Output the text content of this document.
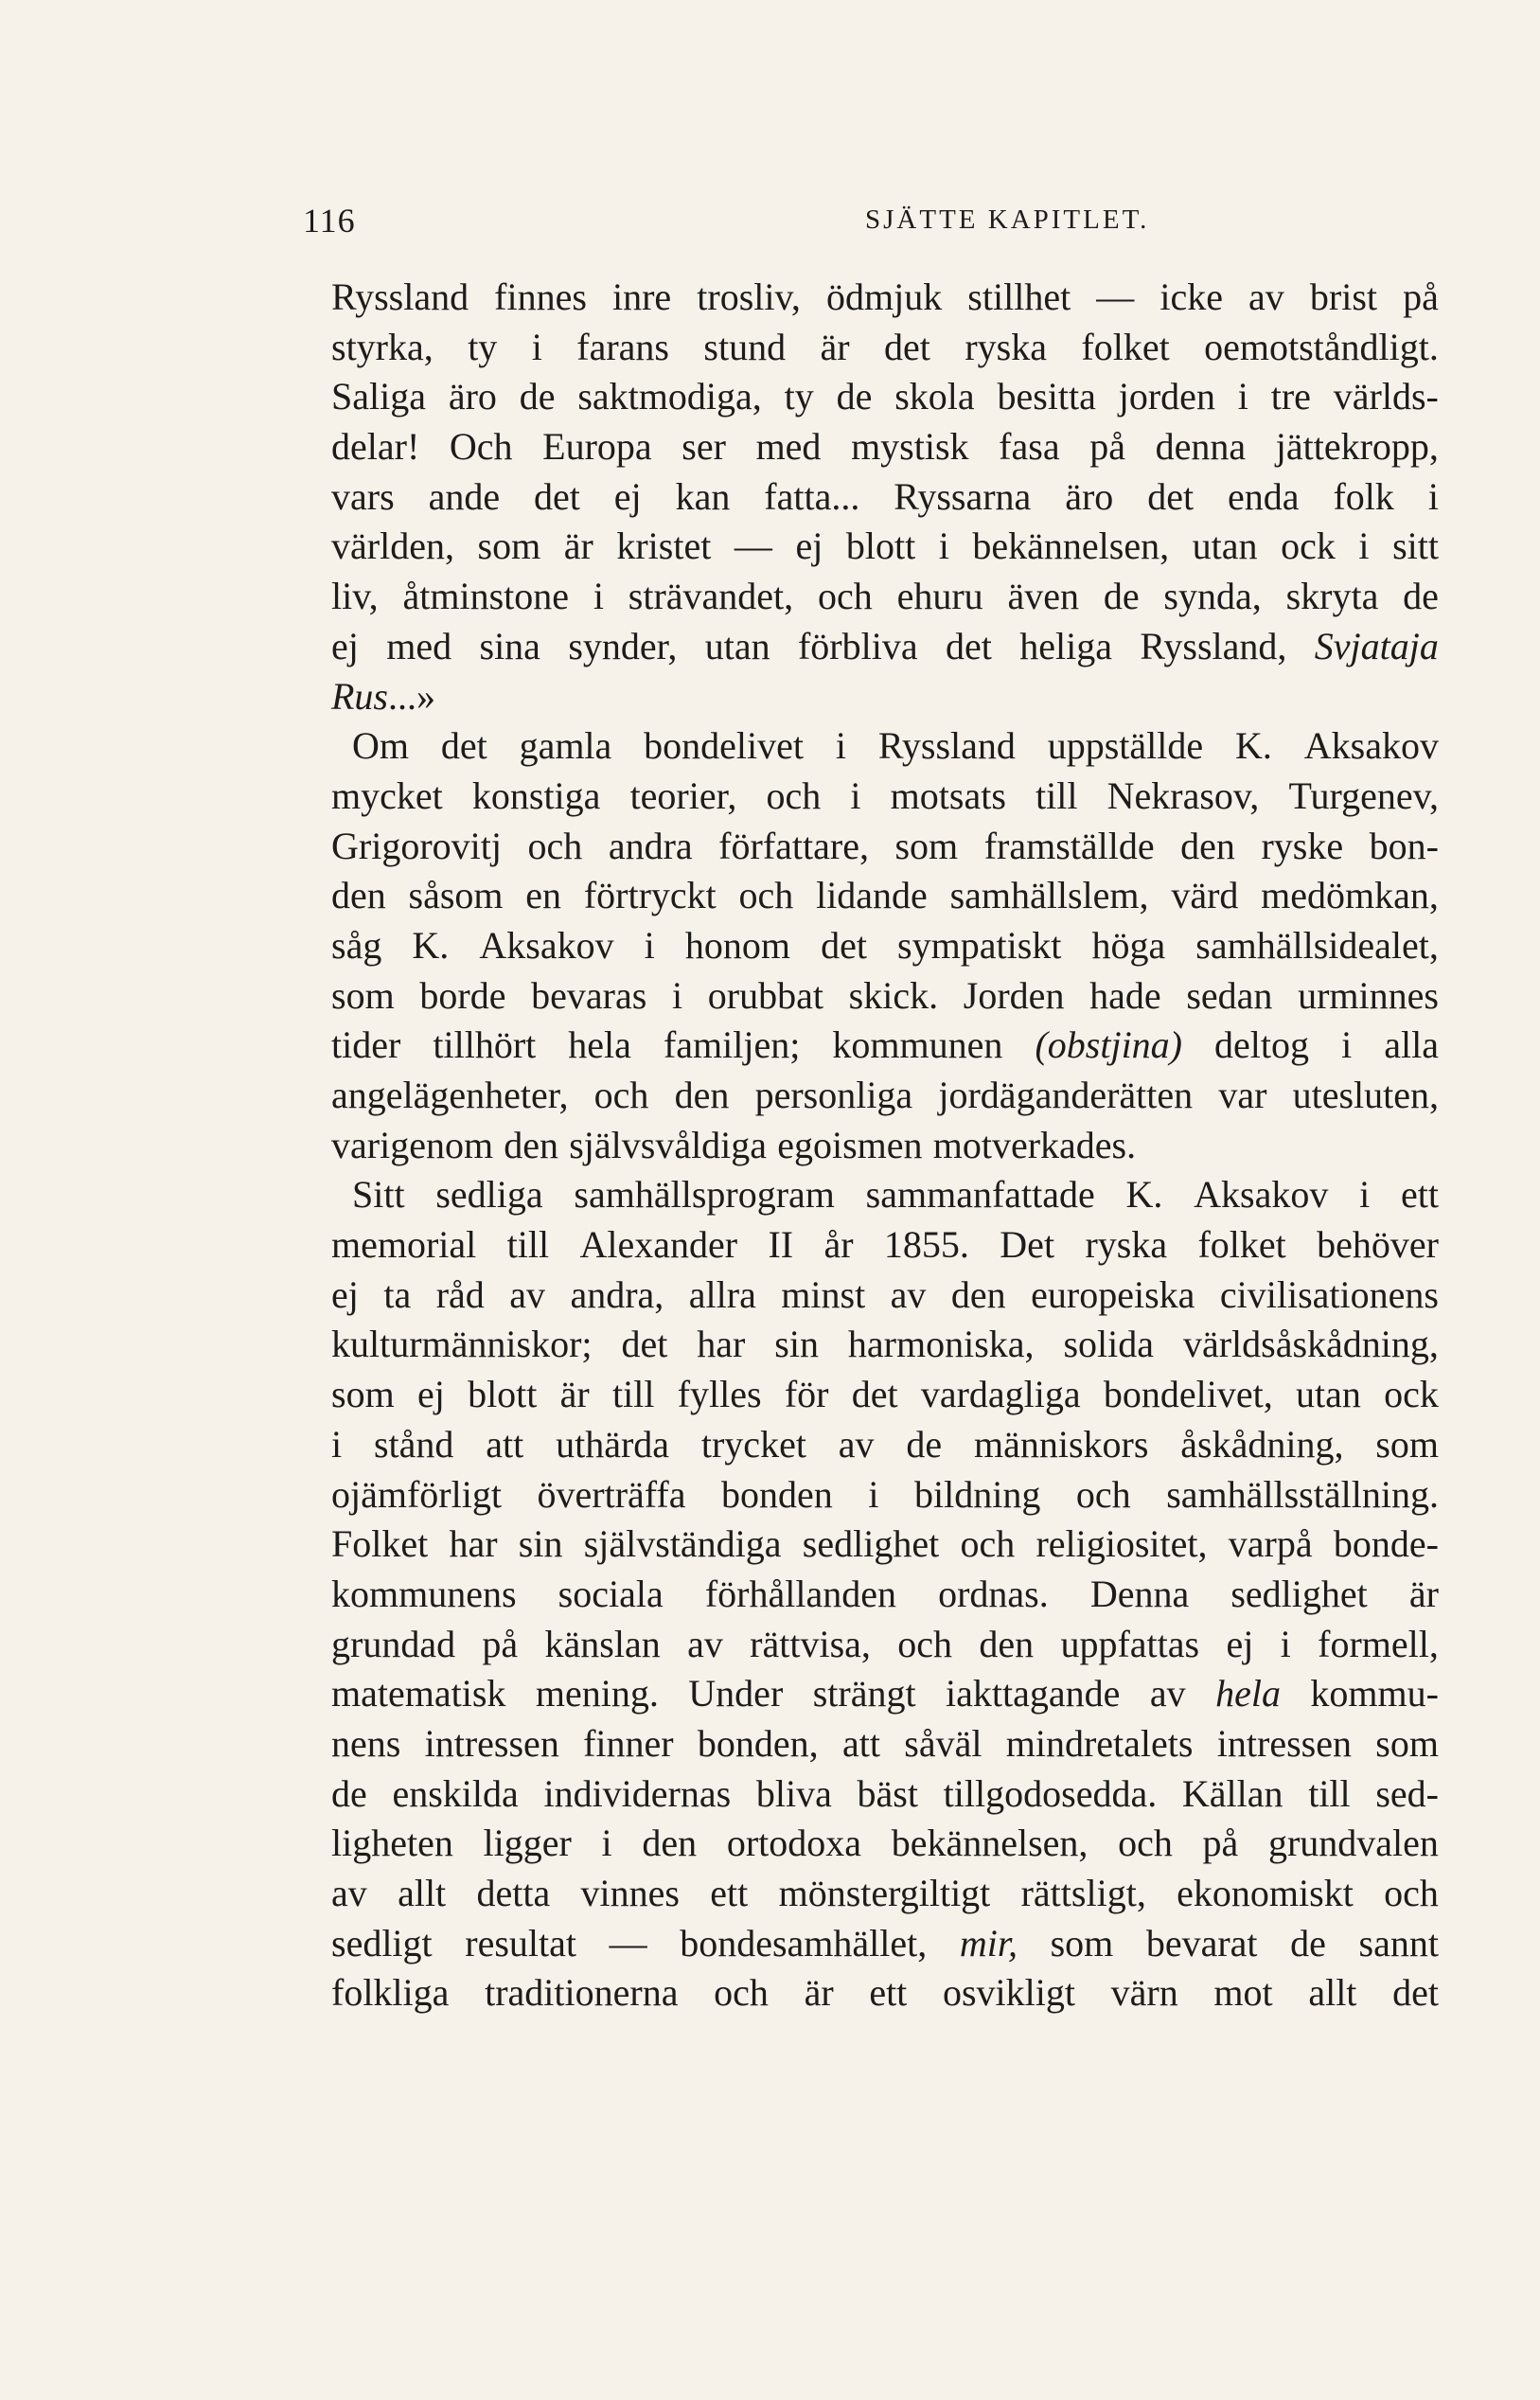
116	SJÄTTE KAPITLET.
Ryssland finnes inre trosliv, ödmjuk stillhet — icke av brist på
styrka, ty i farans stund är det ryska folket oemotståndligt.
Saliga äro de saktmodiga, ty de skola besitta jorden i tre världs-
delar! Och Europa ser med mystisk fasa på denna jättekropp,
vars ande det ej kan fatta... Ryssarna äro det enda folk i
världen, som är kristet — ej blott i bekännelsen, utan ock i sitt
liv, åtminstone i strävandet, och ehuru även de synda, skryta de
ej med sina synder, utan förbliva det heliga Ryssland, Svjataja
Rus...»
Om det gamla bondelivet i Ryssland uppställde K. Aksakov
mycket konstiga teorier, och i motsats till Nekrasov, Turgenev,
Grigorovitj och andra författare, som framställde den ryske bon-
den såsom en förtryckt och lidande samhällslem, värd medömkan,
såg K. Aksakov i honom det sympatiskt höga samhällsidealet,
som borde bevaras i orubbat skick. Jorden hade sedan urminnes
tider tillhört hela familjen; kommunen (obstjina) deltog i alla
angelägenheter, och den personliga jordäganderätten var utesluten,
varigenom den självsvåldiga egoismen motverkades.
Sitt sedliga samhällsprogram sammanfattade K. Aksakov i ett
memorial till Alexander II år 1855. Det ryska folket behöver
ej ta råd av andra, allra minst av den europeiska civilisationens
kulturmänniskor; det har sin harmoniska, solida världsåskådning,
som ej blott är till fylles för det vardagliga bondelivet, utan ock
i stånd att uthärda trycket av de människors åskådning, som
ojämförligt överträffa bonden i bildning och samhällsställning.
Folket har sin självständiga sedlighet och religiositet, varpå bonde-
kommunens sociala förhållanden ordnas. Denna sedlighet är
grundad på känslan av rättvisa, och den uppfattas ej i formell,
matematisk mening. Under strängt iakttagande av hela kommu-
nens intressen finner bonden, att såväl mindretalets intressen som
de enskilda individernas bliva bäst tillgodosedda. Källan till sed-
ligheten ligger i den ortodoxa bekännelsen, och på grundvalen
av allt detta vinnes ett mönstergiltigt rättsligt, ekonomiskt och
sedligt resultat — bondesamhället, mir, som bevarat de sannt
folkliga traditionerna och är ett osvikligt värn mot allt det
